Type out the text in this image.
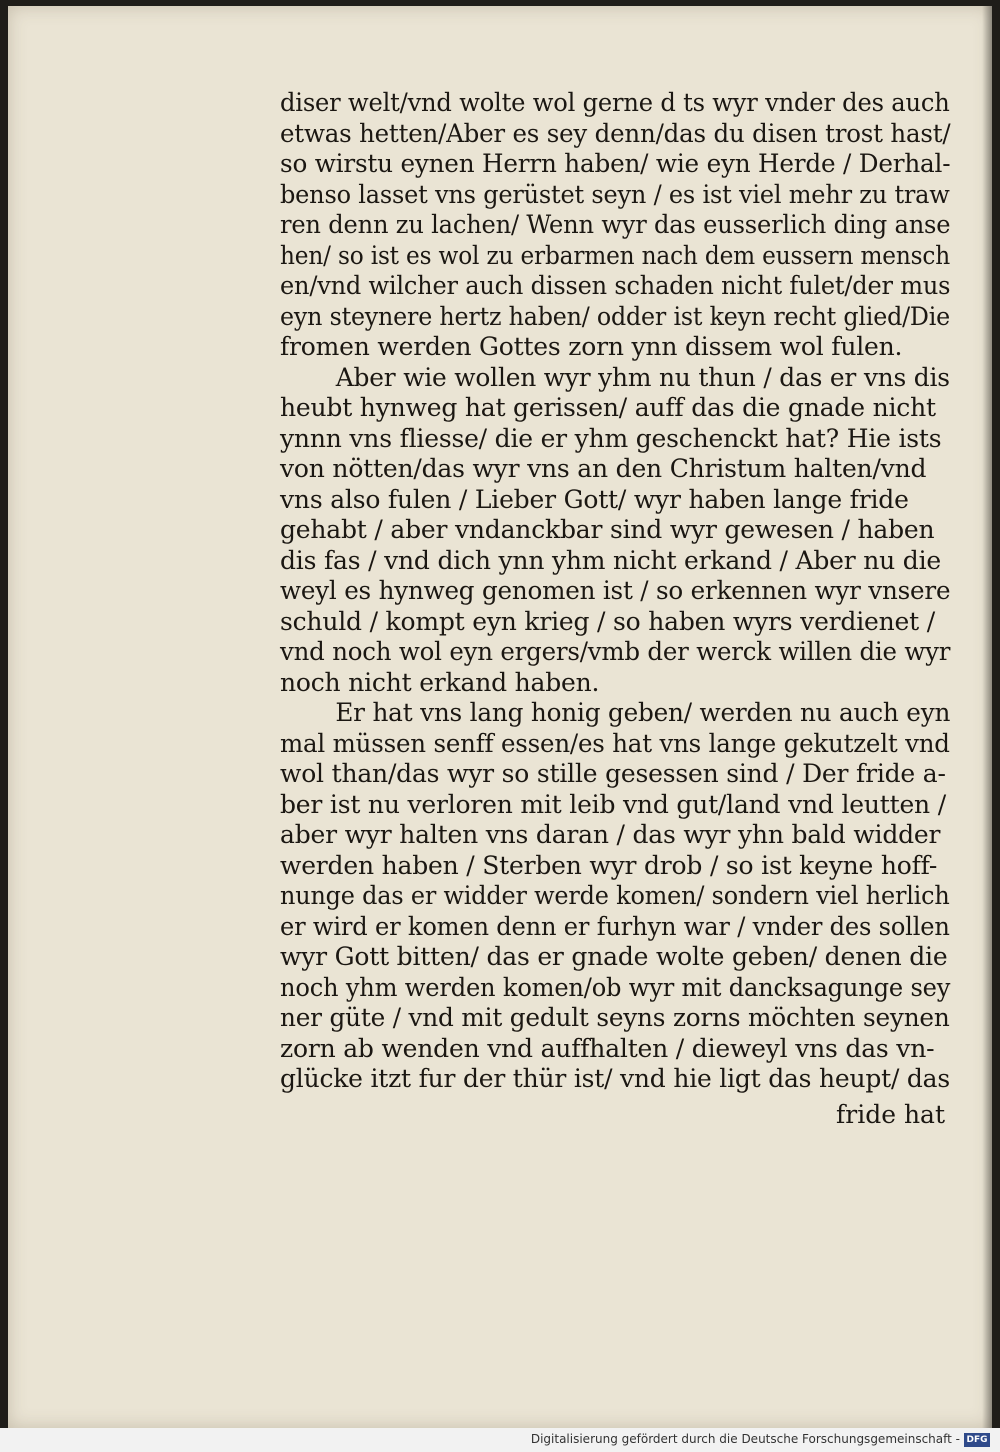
diser welt/vnd wolte wol gerne d ts wyr vnder des auch
etwas hetten/Aber es sey denn/das du disen trost hast/
so wirstu eynen Herrn haben/ wie eyn Herde / Derhal-
benso lasset vns gerüstet seyn / es ist viel mehr zu traw
ren denn zu lachen/ Wenn wyr das eusserlich ding anse
hen/ so ist es wol zu erbarmen nach dem eussern mensch
en/vnd wilcher auch dissen schaden nicht fulet/der mus
eyn steynere hertz haben/ odder ist keyn recht glied/Die
fromen werden Gottes zorn ynn dissem wol fulen.
Aber wie wollen wyr yhm nu thun / das er vns dis
heubt hynweg hat gerissen/ auff das die gnade nicht
ynnn vns fliesse/ die er yhm geschenckt hat? Hie ists
von nötten/das wyr vns an den Christum halten/vnd
vns also fulen / Lieber Gott/ wyr haben lange fride
gehabt / aber vndanckbar sind wyr gewesen / haben
dis fas / vnd dich ynn yhm nicht erkand / Aber nu die
weyl es hynweg genomen ist / so erkennen wyr vnsere
schuld / kompt eyn krieg / so haben wyrs verdienet /
vnd noch wol eyn ergers/vmb der werck willen die wyr
noch nicht erkand haben.
Er hat vns lang honig geben/ werden nu auch eyn
mal müssen senff essen/es hat vns lange gekutzelt vnd
wol than/das wyr so stille gesessen sind / Der fride a-
ber ist nu verloren mit leib vnd gut/land vnd leutten /
aber wyr halten vns daran / das wyr yhn bald widder
werden haben / Sterben wyr drob / so ist keyne hoff-
nunge das er widder werde komen/ sondern viel herlich
er wird er komen denn er furhyn war / vnder des sollen
wyr Gott bitten/ das er gnade wolte geben/ denen die
noch yhm werden komen/ob wyr mit dancksagunge sey
ner güte / vnd mit gedult seyns zorns möchten seynen
zorn ab wenden vnd auffhalten / dieweyl vns das vn-
glücke itzt fur der thür ist/ vnd hie ligt das heupt/ das
fride hat
Digitalisierung gefördert durch die Deutsche Forschungsgemeinschaft - DFG
